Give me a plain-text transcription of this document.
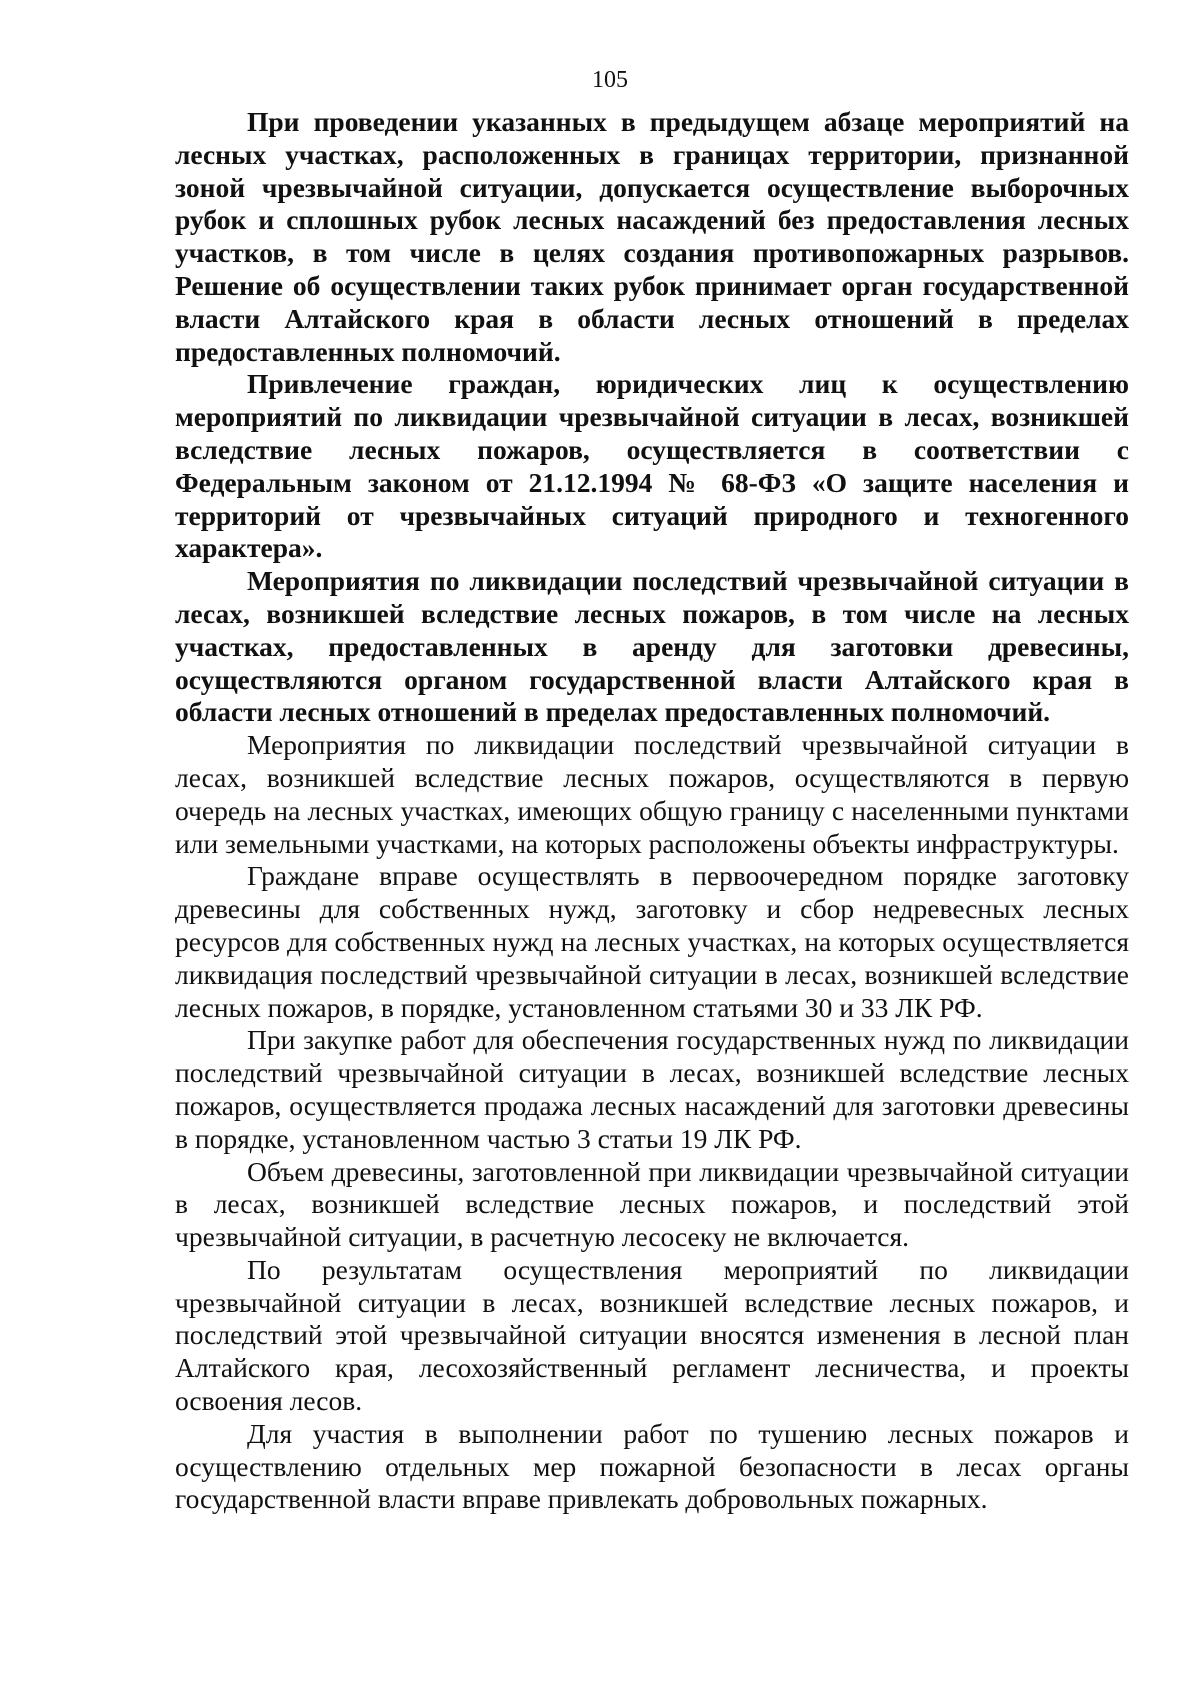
105

При проведении указанных в предыдущем абзаце мероприятий на лесных участках, расположенных в границах территории, признанной зоной чрезвычайной ситуации, допускается осуществление выборочных рубок и сплошных рубок лесных насаждений без предоставления лесных участков, в том числе в целях создания противопожарных разрывов. Решение об осуществлении таких рубок принимает орган государственной власти Алтайского края в области лесных отношений в пределах предоставленных полномочий.

Привлечение граждан, юридических лиц к осуществлению мероприятий по ликвидации чрезвычайной ситуации в лесах, возникшей вследствие лесных пожаров, осуществляется в соответствии с Федеральным законом от 21.12.1994 № 68-ФЗ «О защите населения и территорий от чрезвычайных ситуаций природного и техногенного характера».

Мероприятия по ликвидации последствий чрезвычайной ситуации в лесах, возникшей вследствие лесных пожаров, в том числе на лесных участках, предоставленных в аренду для заготовки древесины, осуществляются органом государственной власти Алтайского края в области лесных отношений в пределах предоставленных полномочий.

Мероприятия по ликвидации последствий чрезвычайной ситуации в лесах, возникшей вследствие лесных пожаров, осуществляются в первую очередь на лесных участках, имеющих общую границу с населенными пунктами или земельными участками, на которых расположены объекты инфраструктуры.

Граждане вправе осуществлять в первоочередном порядке заготовку древесины для собственных нужд, заготовку и сбор недревесных лесных ресурсов для собственных нужд на лесных участках, на которых осуществляется ликвидация последствий чрезвычайной ситуации в лесах, возникшей вследствие лесных пожаров, в порядке, установленном статьями 30 и 33 ЛК РФ.

При закупке работ для обеспечения государственных нужд по ликвидации последствий чрезвычайной ситуации в лесах, возникшей вследствие лесных пожаров, осуществляется продажа лесных насаждений для заготовки древесины в порядке, установленном частью 3 статьи 19 ЛК РФ.

Объем древесины, заготовленной при ликвидации чрезвычайной ситуации в лесах, возникшей вследствие лесных пожаров, и последствий этой чрезвычайной ситуации, в расчетную лесосеку не включается.

По результатам осуществления мероприятий по ликвидации чрезвычайной ситуации в лесах, возникшей вследствие лесных пожаров, и последствий этой чрезвычайной ситуации вносятся изменения в лесной план Алтайского края, лесохозяйственный регламент лесничества, и проекты освоения лесов.

Для участия в выполнении работ по тушению лесных пожаров и осуществлению отдельных мер пожарной безопасности в лесах органы государственной власти вправе привлекать добровольных пожарных.
